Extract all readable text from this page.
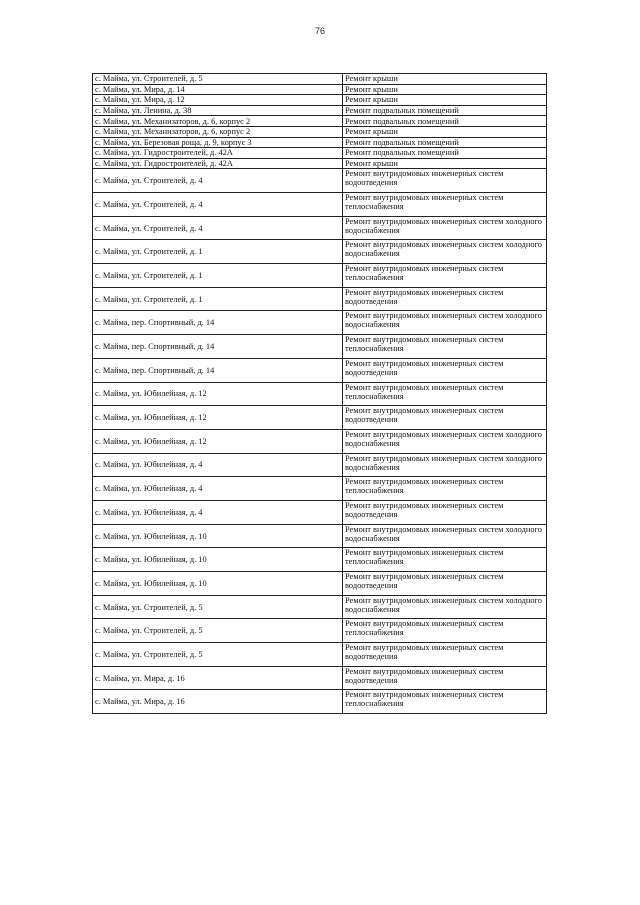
76
с. Майма, ул. Строителей, д. 5	Ремонт крыши
с. Майма, ул. Мира, д. 14	Ремонт крыши
с. Майма, ул. Мира, д. 12	Ремонт крыши
с. Майма, ул. Ленина, д. 38	Ремонт подвальных помещений
с. Майма, ул. Механизаторов, д. 6, корпус 2	Ремонт подвальных помещений
с. Майма, ул. Механизаторов, д. 6, корпус 2	Ремонт крыши
с. Майма, ул. Березовая роща, д. 9, корпус 3	Ремонт подвальных помещений
с. Майма, ул. Гидростроителей, д. 42А	Ремонт подвальных помещений
с. Майма, ул. Гидростроителей, д. 42А	Ремонт крыши
с. Майма, ул. Строителей, д. 4	Ремонт внутридомовых инженерных систем водоотведения
с. Майма, ул. Строителей, д. 4	Ремонт внутридомовых инженерных систем теплоснабжения
с. Майма, ул. Строителей, д. 4	Ремонт внутридомовых инженерных систем холодного водоснабжения
с. Майма, ул. Строителей, д. 1	Ремонт внутридомовых инженерных систем холодного водоснабжения
с. Майма, ул. Строителей, д. 1	Ремонт внутридомовых инженерных систем теплоснабжения
с. Майма, ул. Строителей, д. 1	Ремонт внутридомовых инженерных систем водоотведения
с. Майма, пер. Спортивный, д. 14	Ремонт внутридомовых инженерных систем холодного водоснабжения
с. Майма, пер. Спортивный, д. 14	Ремонт внутридомовых инженерных систем теплоснабжения
с. Майма, пер. Спортивный, д. 14	Ремонт внутридомовых инженерных систем водоотведения
с. Майма, ул. Юбилейная, д. 12	Ремонт внутридомовых инженерных систем теплоснабжения
с. Майма, ул. Юбилейная, д. 12	Ремонт внутридомовых инженерных систем водоотведения
с. Майма, ул. Юбилейная, д. 12	Ремонт внутридомовых инженерных систем холодного водоснабжения
с. Майма, ул. Юбилейная, д. 4	Ремонт внутридомовых инженерных систем холодного водоснабжения
с. Майма, ул. Юбилейная, д. 4	Ремонт внутридомовых инженерных систем теплоснабжения
с. Майма, ул. Юбилейная, д. 4	Ремонт внутридомовых инженерных систем водоотведения
с. Майма, ул. Юбилейная, д. 10	Ремонт внутридомовых инженерных систем холодного водоснабжения
с. Майма, ул. Юбилейная, д. 10	Ремонт внутридомовых инженерных систем теплоснабжения
с. Майма, ул. Юбилейная, д. 10	Ремонт внутридомовых инженерных систем водоотведения
с. Майма, ул. Строителей, д. 5	Ремонт внутридомовых инженерных систем холодного водоснабжения
с. Майма, ул. Строителей, д. 5	Ремонт внутридомовых инженерных систем теплоснабжения
с. Майма, ул. Строителей, д. 5	Ремонт внутридомовых инженерных систем водоотведения
с. Майма, ул. Мира, д. 16	Ремонт внутридомовых инженерных систем водоотведения
с. Майма, ул. Мира, д. 16	Ремонт внутридомовых инженерных систем теплоснабжения
